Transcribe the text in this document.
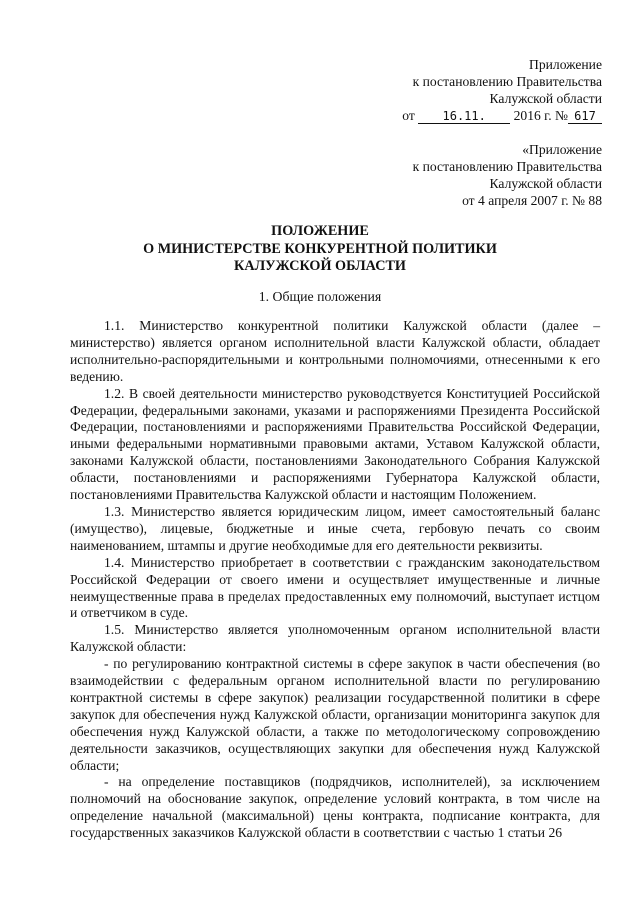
Приложение
к постановлению Правительства
Калужской области
от 16.11. 2016 г. № 617
«Приложение
к постановлению Правительства
Калужской области
от 4 апреля 2007 г. № 88
ПОЛОЖЕНИЕ
О МИНИСТЕРСТВЕ КОНКУРЕНТНОЙ ПОЛИТИКИ
КАЛУЖСКОЙ ОБЛАСТИ
1. Общие положения

1.1. Министерство конкурентной политики Калужской области (далее – министерство) является органом исполнительной власти Калужской области, обладает исполнительно-распорядительными и контрольными полномочиями, отнесенными к его ведению.

1.2. В своей деятельности министерство руководствуется Конституцией Российской Федерации, федеральными законами, указами и распоряжениями Президента Российской Федерации, постановлениями и распоряжениями Правительства Российской Федерации, иными федеральными нормативными правовыми актами, Уставом Калужской области, законами Калужской области, постановлениями Законодательного Собрания Калужской области, постановлениями и распоряжениями Губернатора Калужской области, постановлениями Правительства Калужской области и настоящим Положением.

1.3. Министерство является юридическим лицом, имеет самостоятельный баланс (имущество), лицевые, бюджетные и иные счета, гербовую печать со своим наименованием, штампы и другие необходимые для его деятельности реквизиты.

1.4. Министерство приобретает в соответствии с гражданским законодательством Российской Федерации от своего имени и осуществляет имущественные и личные неимущественные права в пределах предоставленных ему полномочий, выступает истцом и ответчиком в суде.

1.5. Министерство является уполномоченным органом исполнительной власти Калужской области:

- по регулированию контрактной системы в сфере закупок в части обеспечения (во взаимодействии с федеральным органом исполнительной власти по регулированию контрактной системы в сфере закупок) реализации государственной политики в сфере закупок для обеспечения нужд Калужской области, организации мониторинга закупок для обеспечения нужд Калужской области, а также по методологическому сопровождению деятельности заказчиков, осуществляющих закупки для обеспечения нужд Калужской области;

- на определение поставщиков (подрядчиков, исполнителей), за исключением полномочий на обоснование закупок, определение условий контракта, в том числе на определение начальной (максимальной) цены контракта, подписание контракта, для государственных заказчиков Калужской области в соответствии с частью 1 статьи 26
